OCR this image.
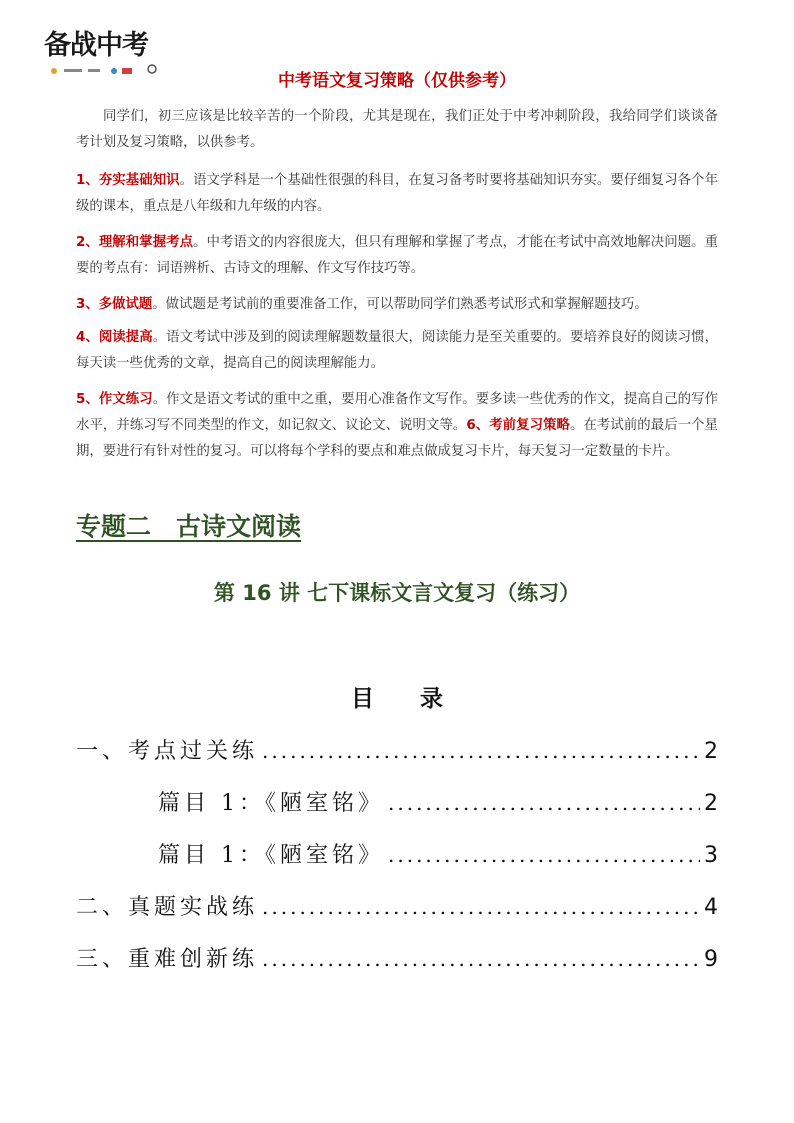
备战中考
中考语文复习策略（仅供参考）

同学们，初三应该是比较辛苦的一个阶段，尤其是现在，我们正处于中考冲刺阶段，我给同学们谈谈备考计划及复习策略，以供参考。

1、夯实基础知识。语文学科是一个基础性很强的科目，在复习备考时要将基础知识夯实。要仔细复习各个年级的课本，重点是八年级和九年级的内容。

2、理解和掌握考点。中考语文的内容很庞大，但只有理解和掌握了考点，才能在考试中高效地解决问题。重要的考点有：词语辨析、古诗文的理解、作文写作技巧等。

3、多做试题。做试题是考试前的重要准备工作，可以帮助同学们熟悉考试形式和掌握解题技巧。

4、阅读提高。语文考试中涉及到的阅读理解题数量很大，阅读能力是至关重要的。要培养良好的阅读习惯，每天读一些优秀的文章，提高自己的阅读理解能力。

5、作文练习。作文是语文考试的重中之重，要用心准备作文写作。要多读一些优秀的作文，提高自己的写作水平，并练习写不同类型的作文，如记叙文、议论文、说明文等。6、考前复习策略。在考试前的最后一个星期，要进行有针对性的复习。可以将每个学科的要点和难点做成复习卡片，每天复习一定数量的卡片。

专题二　古诗文阅读
第 16 讲 七下课标文言文复习（练习）
目　　录
一、考点过关练 .....	2
篇目 1：《陋室铭》 .....	2
篇目 1：《陋室铭》 .....	3
二、真题实战练 .....	4
三、重难创新练 .....	9
